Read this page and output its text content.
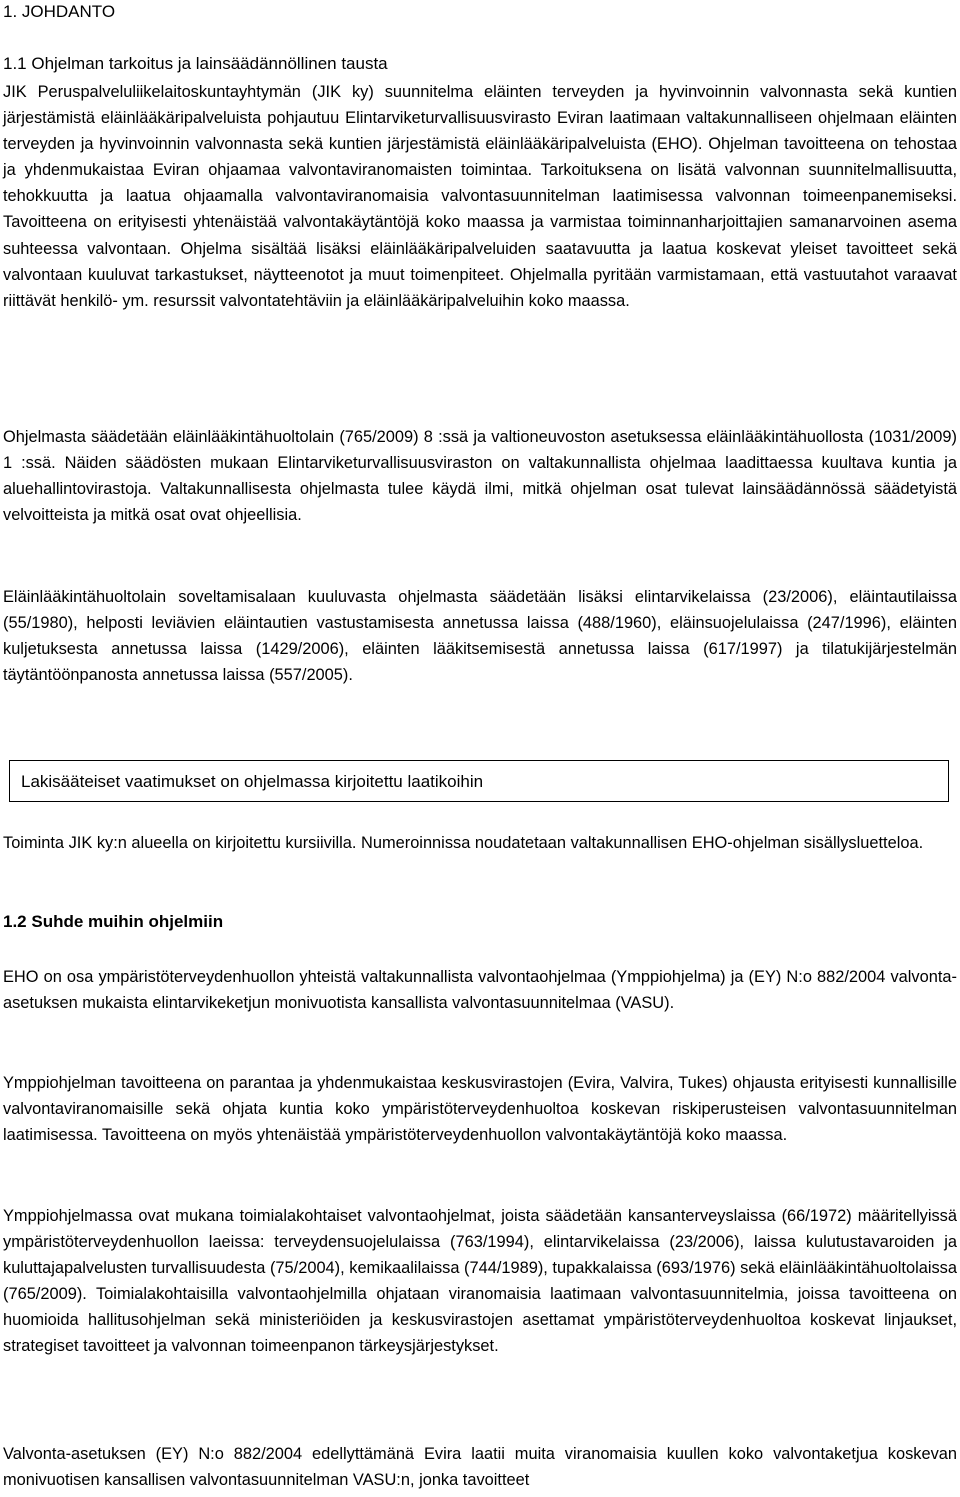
1. JOHDANTO
1.1 Ohjelman tarkoitus ja lainsäädännöllinen tausta

JIK Peruspalveluliikelaitoskuntayhtymän (JIK ky) suunnitelma eläinten terveyden ja hyvinvoinnin valvonnasta sekä kuntien järjestämistä eläinlääkäripalveluista pohjautuu Elintarviketurvallisuusvirasto Eviran laatimaan valtakunnalliseen ohjelmaan eläinten terveyden ja hyvinvoinnin valvonnasta sekä kuntien järjestämistä eläinlääkäripalveluista (EHO). Ohjelman tavoitteena on tehostaa ja yhdenmukaistaa Eviran ohjaamaa valvontaviranomaisten toimintaa. Tarkoituksena on lisätä valvonnan suunnitelmallisuutta, tehokkuutta ja laatua ohjaamalla valvontaviranomaisia valvontasuunnitelman laatimisessa valvonnan toimeenpanemiseksi. Tavoitteena on erityisesti yhtenäistää valvontakäytäntöjä koko maassa ja varmistaa toiminnanharjoittajien samanarvoinen asema suhteessa valvontaan. Ohjelma sisältää lisäksi eläinlääkäripalveluiden saatavuutta ja laatua koskevat yleiset tavoitteet sekä valvontaan kuuluvat tarkastukset, näytteenotot ja muut toimenpiteet. Ohjelmalla pyritään varmistamaan, että vastuutahot varaavat riittävät henkilö- ym. resurssit valvontatehtäviin ja eläinlääkäripalveluihin koko maassa.

Ohjelmasta säädetään eläinlääkintähuoltolain (765/2009) 8 :ssä ja valtioneuvoston asetuksessa eläinlääkintähuollosta (1031/2009) 1 :ssä. Näiden säädösten mukaan Elintarviketurvallisuusviraston on valtakunnallista ohjelmaa laadittaessa kuultava kuntia ja aluehallintovirastoja. Valtakunnallisesta ohjelmasta tulee käydä ilmi, mitkä ohjelman osat tulevat lainsäädännössä säädetyistä velvoitteista ja mitkä osat ovat ohjeellisia.

Eläinlääkintähuoltolain soveltamisalaan kuuluvasta ohjelmasta säädetään lisäksi elintarvikelaissa (23/2006), eläintautilaissa (55/1980), helposti leviävien eläintautien vastustamisesta annetussa laissa (488/1960), eläinsuojelulaissa (247/1996), eläinten kuljetuksesta annetussa laissa (1429/2006), eläinten lääkitsemisestä annetussa laissa (617/1997) ja tilatukijärjestelmän täytäntöönpanosta annetussa laissa (557/2005).

Lakisääteiset vaatimukset on ohjelmassa kirjoitettu laatikoihin

Toiminta JIK ky:n alueella on kirjoitettu kursiivilla. Numeroinnissa noudatetaan valtakunnallisen EHO-ohjelman sisällysluetteloa.

1.2 Suhde muihin ohjelmiin

EHO on osa ympäristöterveydenhuollon yhteistä valtakunnallista valvontaohjelmaa (Ymppiohjelma) ja (EY) N:o 882/2004 valvonta-asetuksen mukaista elintarvikeketjun monivuotista kansallista valvontasuunnitelmaa (VASU).

Ymppiohjelman tavoitteena on parantaa ja yhdenmukaistaa keskusvirastojen (Evira, Valvira, Tukes) ohjausta erityisesti kunnallisille valvontaviranomaisille sekä ohjata kuntia koko ympäristöterveydenhuoltoa koskevan riskiperusteisen valvontasuunnitelman laatimisessa. Tavoitteena on myös yhtenäistää ympäristöterveydenhuollon valvontakäytäntöjä koko maassa.

Ymppiohjelmassa ovat mukana toimialakohtaiset valvontaohjelmat, joista säädetään kansanterveyslaissa (66/1972) määritellyissä ympäristöterveydenhuollon laeissa: terveydensuojelulaissa (763/1994), elintarvikelaissa (23/2006), laissa kulutustavaroiden ja kuluttajapalvelusten turvallisuudesta (75/2004), kemikaalilaissa (744/1989), tupakkalaissa (693/1976) sekä eläinlääkintähuoltolaissa (765/2009). Toimialakohtaisilla valvontaohjelmilla ohjataan viranomaisia laatimaan valvontasuunnitelmia, joissa tavoitteena on huomioida hallitusohjelman sekä ministeriöiden ja keskusvirastojen asettamat ympäristöterveydenhuoltoa koskevat linjaukset, strategiset tavoitteet ja valvonnan toimeenpanon tärkeysjärjestykset.

Valvonta-asetuksen (EY) N:o 882/2004 edellyttämänä Evira laatii muita viranomaisia kuullen koko valvontaketjua koskevan monivuotisen kansallisen valvontasuunnitelman VASU:n, jonka tavoitteet
